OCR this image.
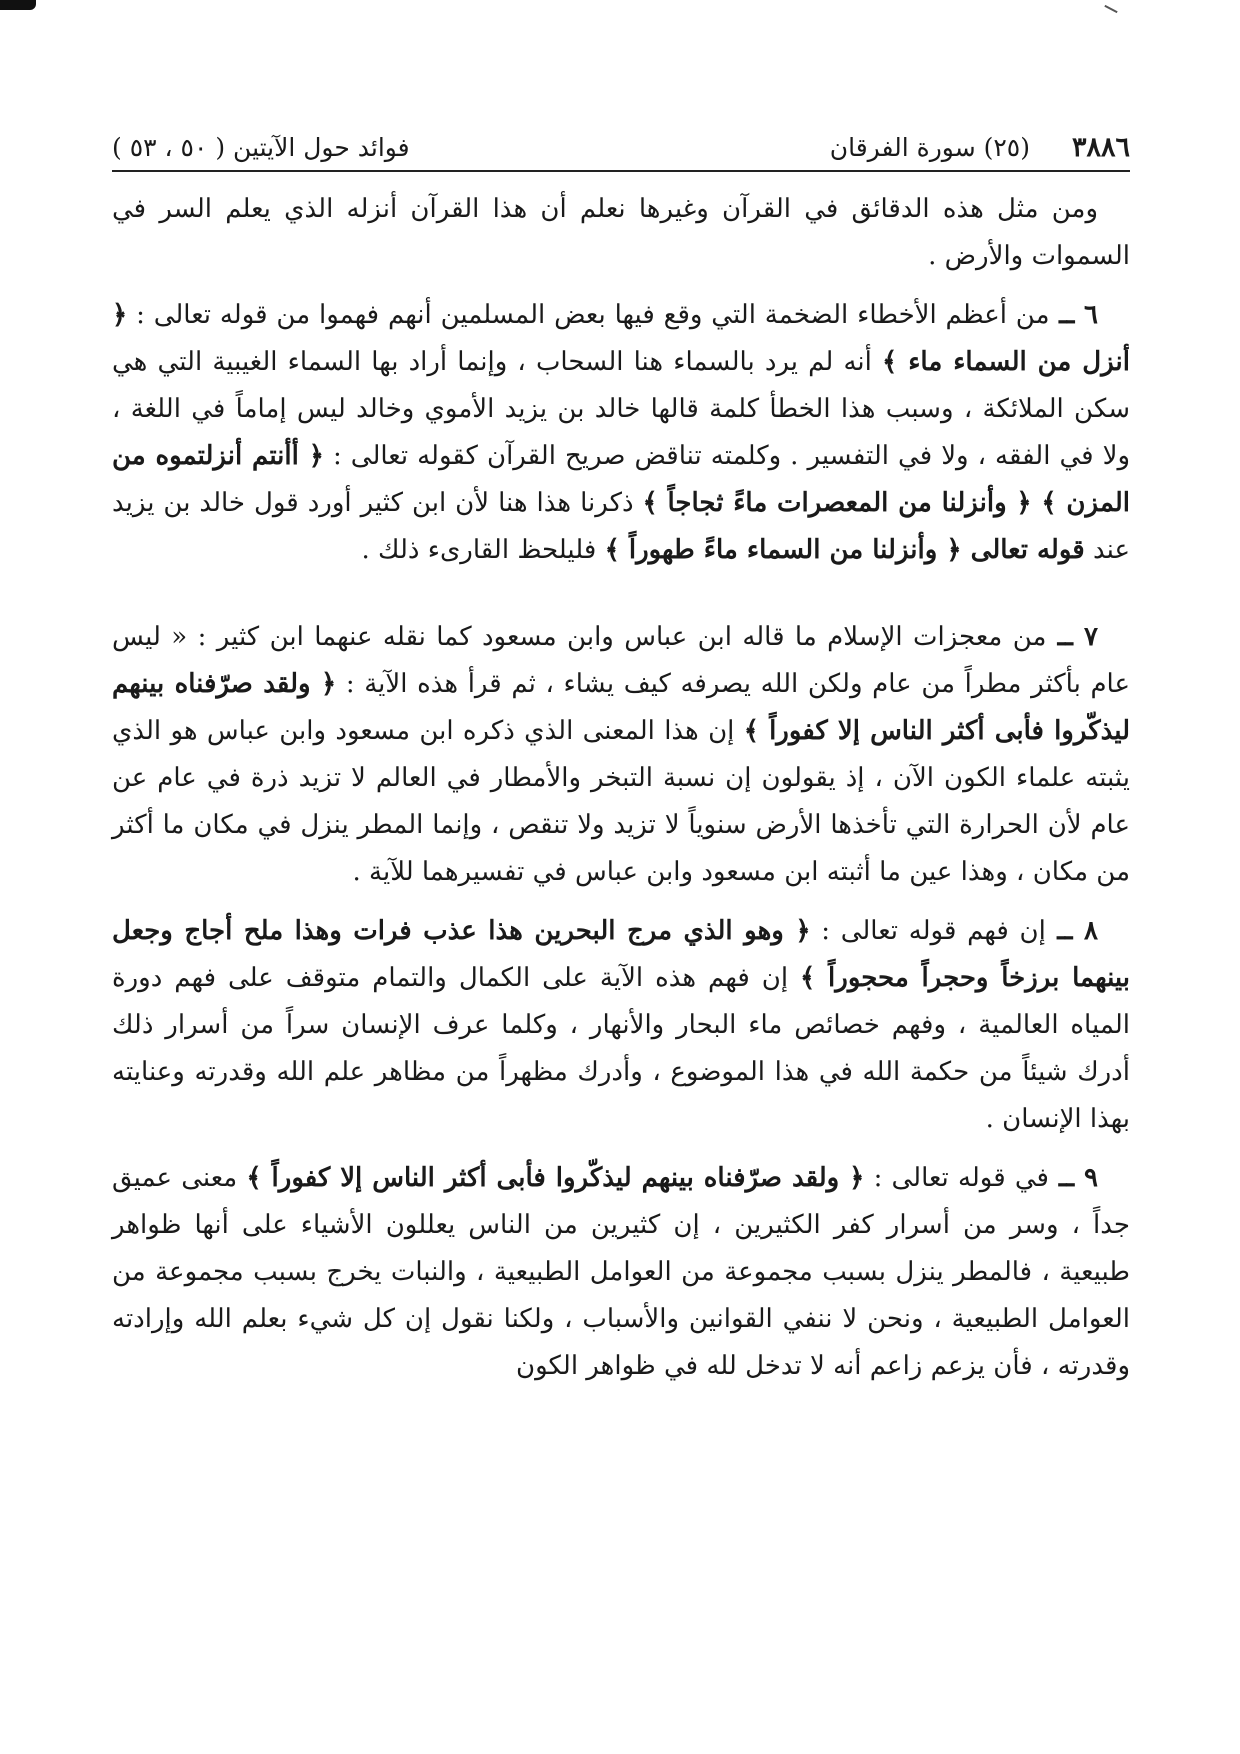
٣٨٨٦
(٢٥) سورة الفرقان
فوائد حول الآيتين ( ٥٠ ، ٥٣ )

ومن مثل هذه الدقائق في القرآن وغيرها نعلم أن هذا القرآن أنزله الذي يعلم السر في السموات والأرض .

٦ ــ من أعظم الأخطاء الضخمة التي وقع فيها بعض المسلمين أنهم فهموا من قوله تعالى : ﴿ أنزل من السماء ماء ﴾ أنه لم يرد بالسماء هنا السحاب ، وإنما أراد بها السماء الغيبية التي هي سكن الملائكة ، وسبب هذا الخطأ كلمة قالها خالد بن يزيد الأموي وخالد ليس إماماً في اللغة ، ولا في الفقه ، ولا في التفسير . وكلمته تناقض صريح القرآن كقوله تعالى : ﴿ أأنتم أنزلتموه من المزن ﴾ ﴿ وأنزلنا من المعصرات ماءً ثجاجاً ﴾ ذكرنا هذا هنا لأن ابن كثير أورد قول خالد بن يزيد عند قوله تعالى ﴿ وأنزلنا من السماء ماءً طهوراً ﴾ فليلحظ القارىء ذلك .

٧ ــ من معجزات الإسلام ما قاله ابن عباس وابن مسعود كما نقله عنهما ابن كثير : « ليس عام بأكثر مطراً من عام ولكن الله يصرفه كيف يشاء ، ثم قرأ هذه الآية : ﴿ ولقد صرّفناه بينهم ليذكّروا فأبى أكثر الناس إلا كفوراً ﴾ إن هذا المعنى الذي ذكره ابن مسعود وابن عباس هو الذي يثبته علماء الكون الآن ، إذ يقولون إن نسبة التبخر والأمطار في العالم لا تزيد ذرة في عام عن عام لأن الحرارة التي تأخذها الأرض سنوياً لا تزيد ولا تنقص ، وإنما المطر ينزل في مكان ما أكثر من مكان ، وهذا عين ما أثبته ابن مسعود وابن عباس في تفسيرهما للآية .

٨ ــ إن فهم قوله تعالى : ﴿ وهو الذي مرج البحرين هذا عذب فرات وهذا ملح أجاج وجعل بينهما برزخاً وحجراً محجوراً ﴾ إن فهم هذه الآية على الكمال والتمام متوقف على فهم دورة المياه العالمية ، وفهم خصائص ماء البحار والأنهار ، وكلما عرف الإنسان سراً من أسرار ذلك أدرك شيئاً من حكمة الله في هذا الموضوع ، وأدرك مظهراً من مظاهر علم الله وقدرته وعنايته بهذا الإنسان .

٩ ــ في قوله تعالى : ﴿ ولقد صرّفناه بينهم ليذكّروا فأبى أكثر الناس إلا كفوراً ﴾ معنى عميق جداً ، وسر من أسرار كفر الكثيرين ، إن كثيرين من الناس يعللون الأشياء على أنها ظواهر طبيعية ، فالمطر ينزل بسبب مجموعة من العوامل الطبيعية ، والنبات يخرج بسبب مجموعة من العوامل الطبيعية ، ونحن لا ننفي القوانين والأسباب ، ولكنا نقول إن كل شيء بعلم الله وإرادته وقدرته ، فأن يزعم زاعم أنه لا تدخل لله في ظواهر الكون
